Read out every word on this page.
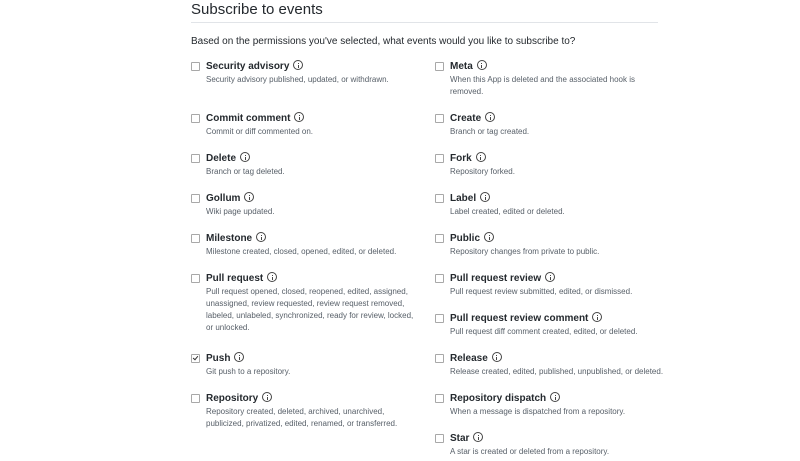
Subscribe to events
Based on the permissions you've selected, what events would you like to subscribe to?
Security advisory
Security advisory published, updated, or withdrawn.
Commit comment
Commit or diff commented on.
Delete
Branch or tag deleted.
Gollum
Wiki page updated.
Milestone
Milestone created, closed, opened, edited, or deleted.
Pull request
Pull request opened, closed, reopened, edited, assigned, unassigned, review requested, review request removed, labeled, unlabeled, synchronized, ready for review, locked, or unlocked.
Push
Git push to a repository.
Repository
Repository created, deleted, archived, unarchived, publicized, privatized, edited, renamed, or transferred.
Meta
When this App is deleted and the associated hook is removed.
Create
Branch or tag created.
Fork
Repository forked.
Label
Label created, edited or deleted.
Public
Repository changes from private to public.
Pull request review
Pull request review submitted, edited, or dismissed.
Pull request review comment
Pull request diff comment created, edited, or deleted.
Release
Release created, edited, published, unpublished, or deleted.
Repository dispatch
When a message is dispatched from a repository.
Star
A star is created or deleted from a repository.
